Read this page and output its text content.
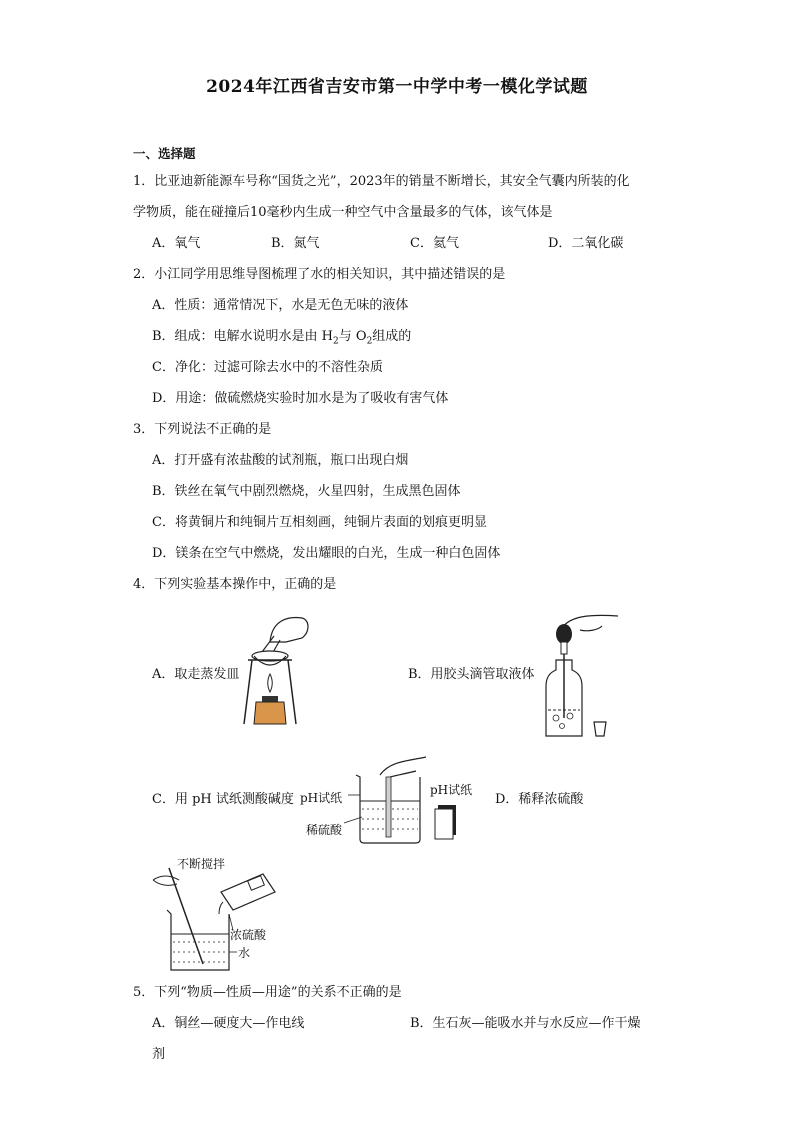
2024年江西省吉安市第一中学中考一模化学试题
一、选择题
1．比亚迪新能源车号称“国货之光”，2023年的销量不断增长，其安全气囊内所装的化
学物质，能在碰撞后10毫秒内生成一种空气中含量最多的气体，该气体是
A．氧气	B．氮气	C．氦气	D．二氧化碳
2．小江同学用思维导图梳理了水的相关知识，其中描述错误的是
A．性质：通常情况下，水是无色无味的液体
B．组成：电解水说明水是由 $H_2$与 $O_2$组成的
C．净化：过滤可除去水中的不溶性杂质
D．用途：做硫燃烧实验时加水是为了吸收有害气体
3．下列说法不正确的是
A．打开盛有浓盐酸的试剂瓶，瓶口出现白烟
B．铁丝在氧气中剧烈燃烧，火星四射，生成黑色固体
C．将黄铜片和纯铜片互相刻画，纯铜片表面的划痕更明显
D．镁条在空气中燃烧，发出耀眼的白光，生成一种白色固体
4．下列实验基本操作中，正确的是
A．取走蒸发皿	B．用胶头滴管取液体
C．用 pH 试纸测酸碱度 pH试纸
稀硫酸
pH试纸
D．稀释浓硫酸
不断搅拌
浓硫酸
水
5．下列“物质—性质—用途”的关系不正确的是
A．铜丝—硬度大—作电线	B．生石灰—能吸水并与水反应—作干燥
剂
